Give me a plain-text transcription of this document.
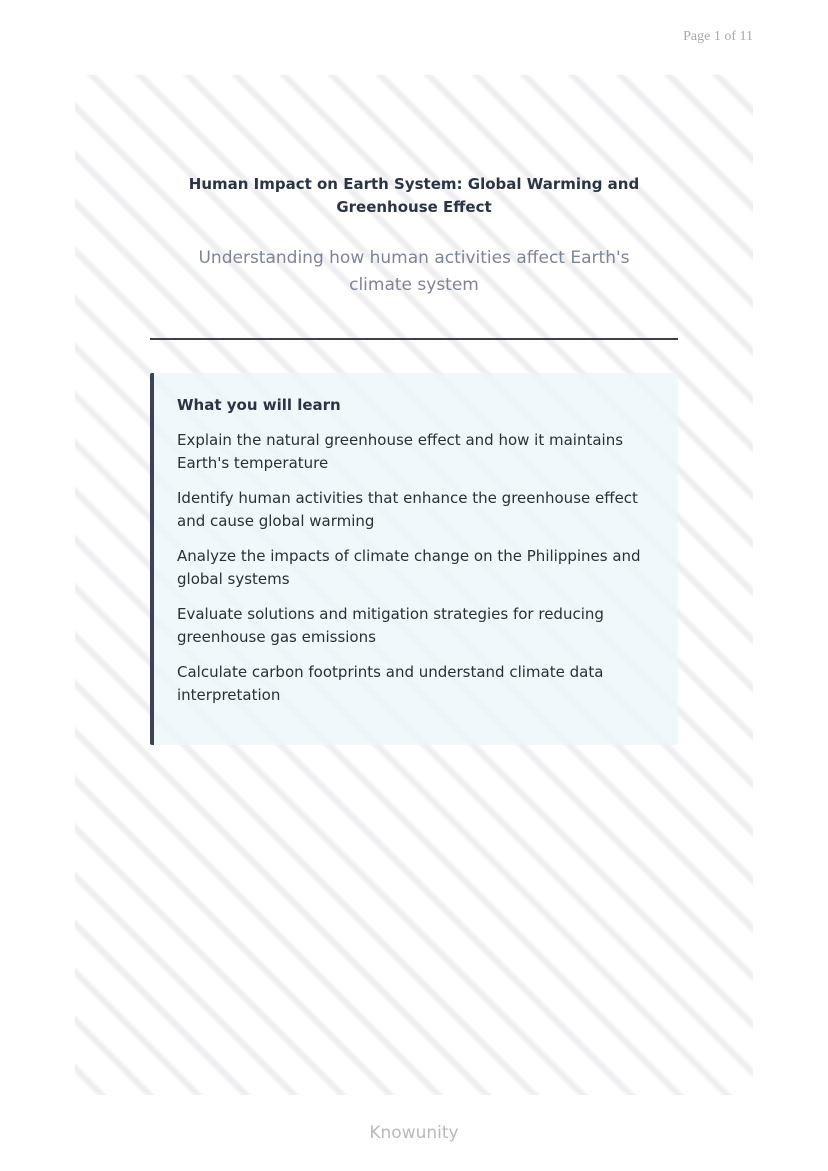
Page 1 of 11
Human Impact on Earth System: Global Warming and Greenhouse Effect

Understanding how human activities affect Earth's climate system

What you will learn
Explain the natural greenhouse effect and how it maintains Earth's temperature
Identify human activities that enhance the greenhouse effect and cause global warming
Analyze the impacts of climate change on the Philippines and global systems
Evaluate solutions and mitigation strategies for reducing greenhouse gas emissions
Calculate carbon footprints and understand climate data interpretation
Knowunity
